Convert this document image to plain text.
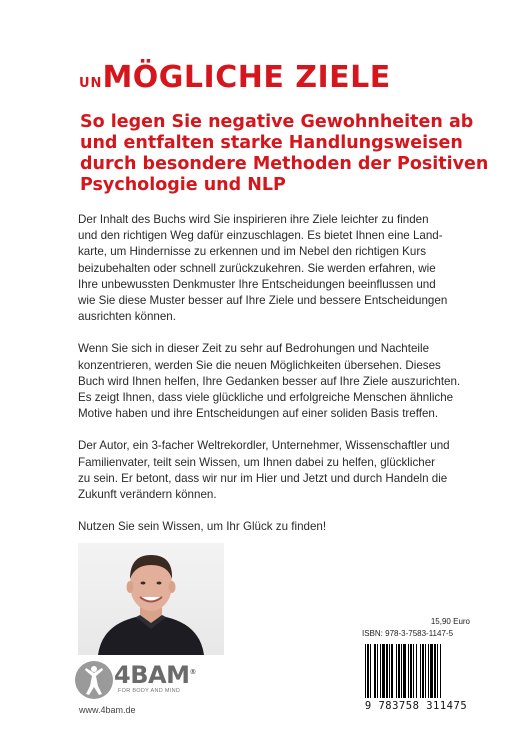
UNMÖGLICHE ZIELE
So legen Sie negative Gewohnheiten ab
und entfalten starke Handlungsweisen
durch besondere Methoden der Positiven
Psychologie und NLP

Der Inhalt des Buchs wird Sie inspirieren ihre Ziele leichter zu finden
und den richtigen Weg dafür einzuschlagen. Es bietet Ihnen eine Land-
karte, um Hindernisse zu erkennen und im Nebel den richtigen Kurs
beizubehalten oder schnell zurückzukehren. Sie werden erfahren, wie
Ihre unbewussten Denkmuster Ihre Entscheidungen beeinflussen und
wie Sie diese Muster besser auf Ihre Ziele und bessere Entscheidungen
ausrichten können.

Wenn Sie sich in dieser Zeit zu sehr auf Bedrohungen und Nachteile
konzentrieren, werden Sie die neuen Möglichkeiten übersehen. Dieses
Buch wird Ihnen helfen, Ihre Gedanken besser auf Ihre Ziele auszurichten.
Es zeigt Ihnen, dass viele glückliche und erfolgreiche Menschen ähnliche
Motive haben und ihre Entscheidungen auf einer soliden Basis treffen.

Der Autor, ein 3-facher Weltrekordler, Unternehmer, Wissenschaftler und
Familienvater, teilt sein Wissen, um Ihnen dabei zu helfen, glücklicher
zu sein. Er betont, dass wir nur im Hier und Jetzt und durch Handeln die
Zukunft verändern können.

Nutzen Sie sein Wissen, um Ihr Glück zu finden!

15,90 Euro
ISBN: 978-3-7583-1147-5
9 783758 311475
4BAM®
FOR BODY AND MIND
www.4bam.de
